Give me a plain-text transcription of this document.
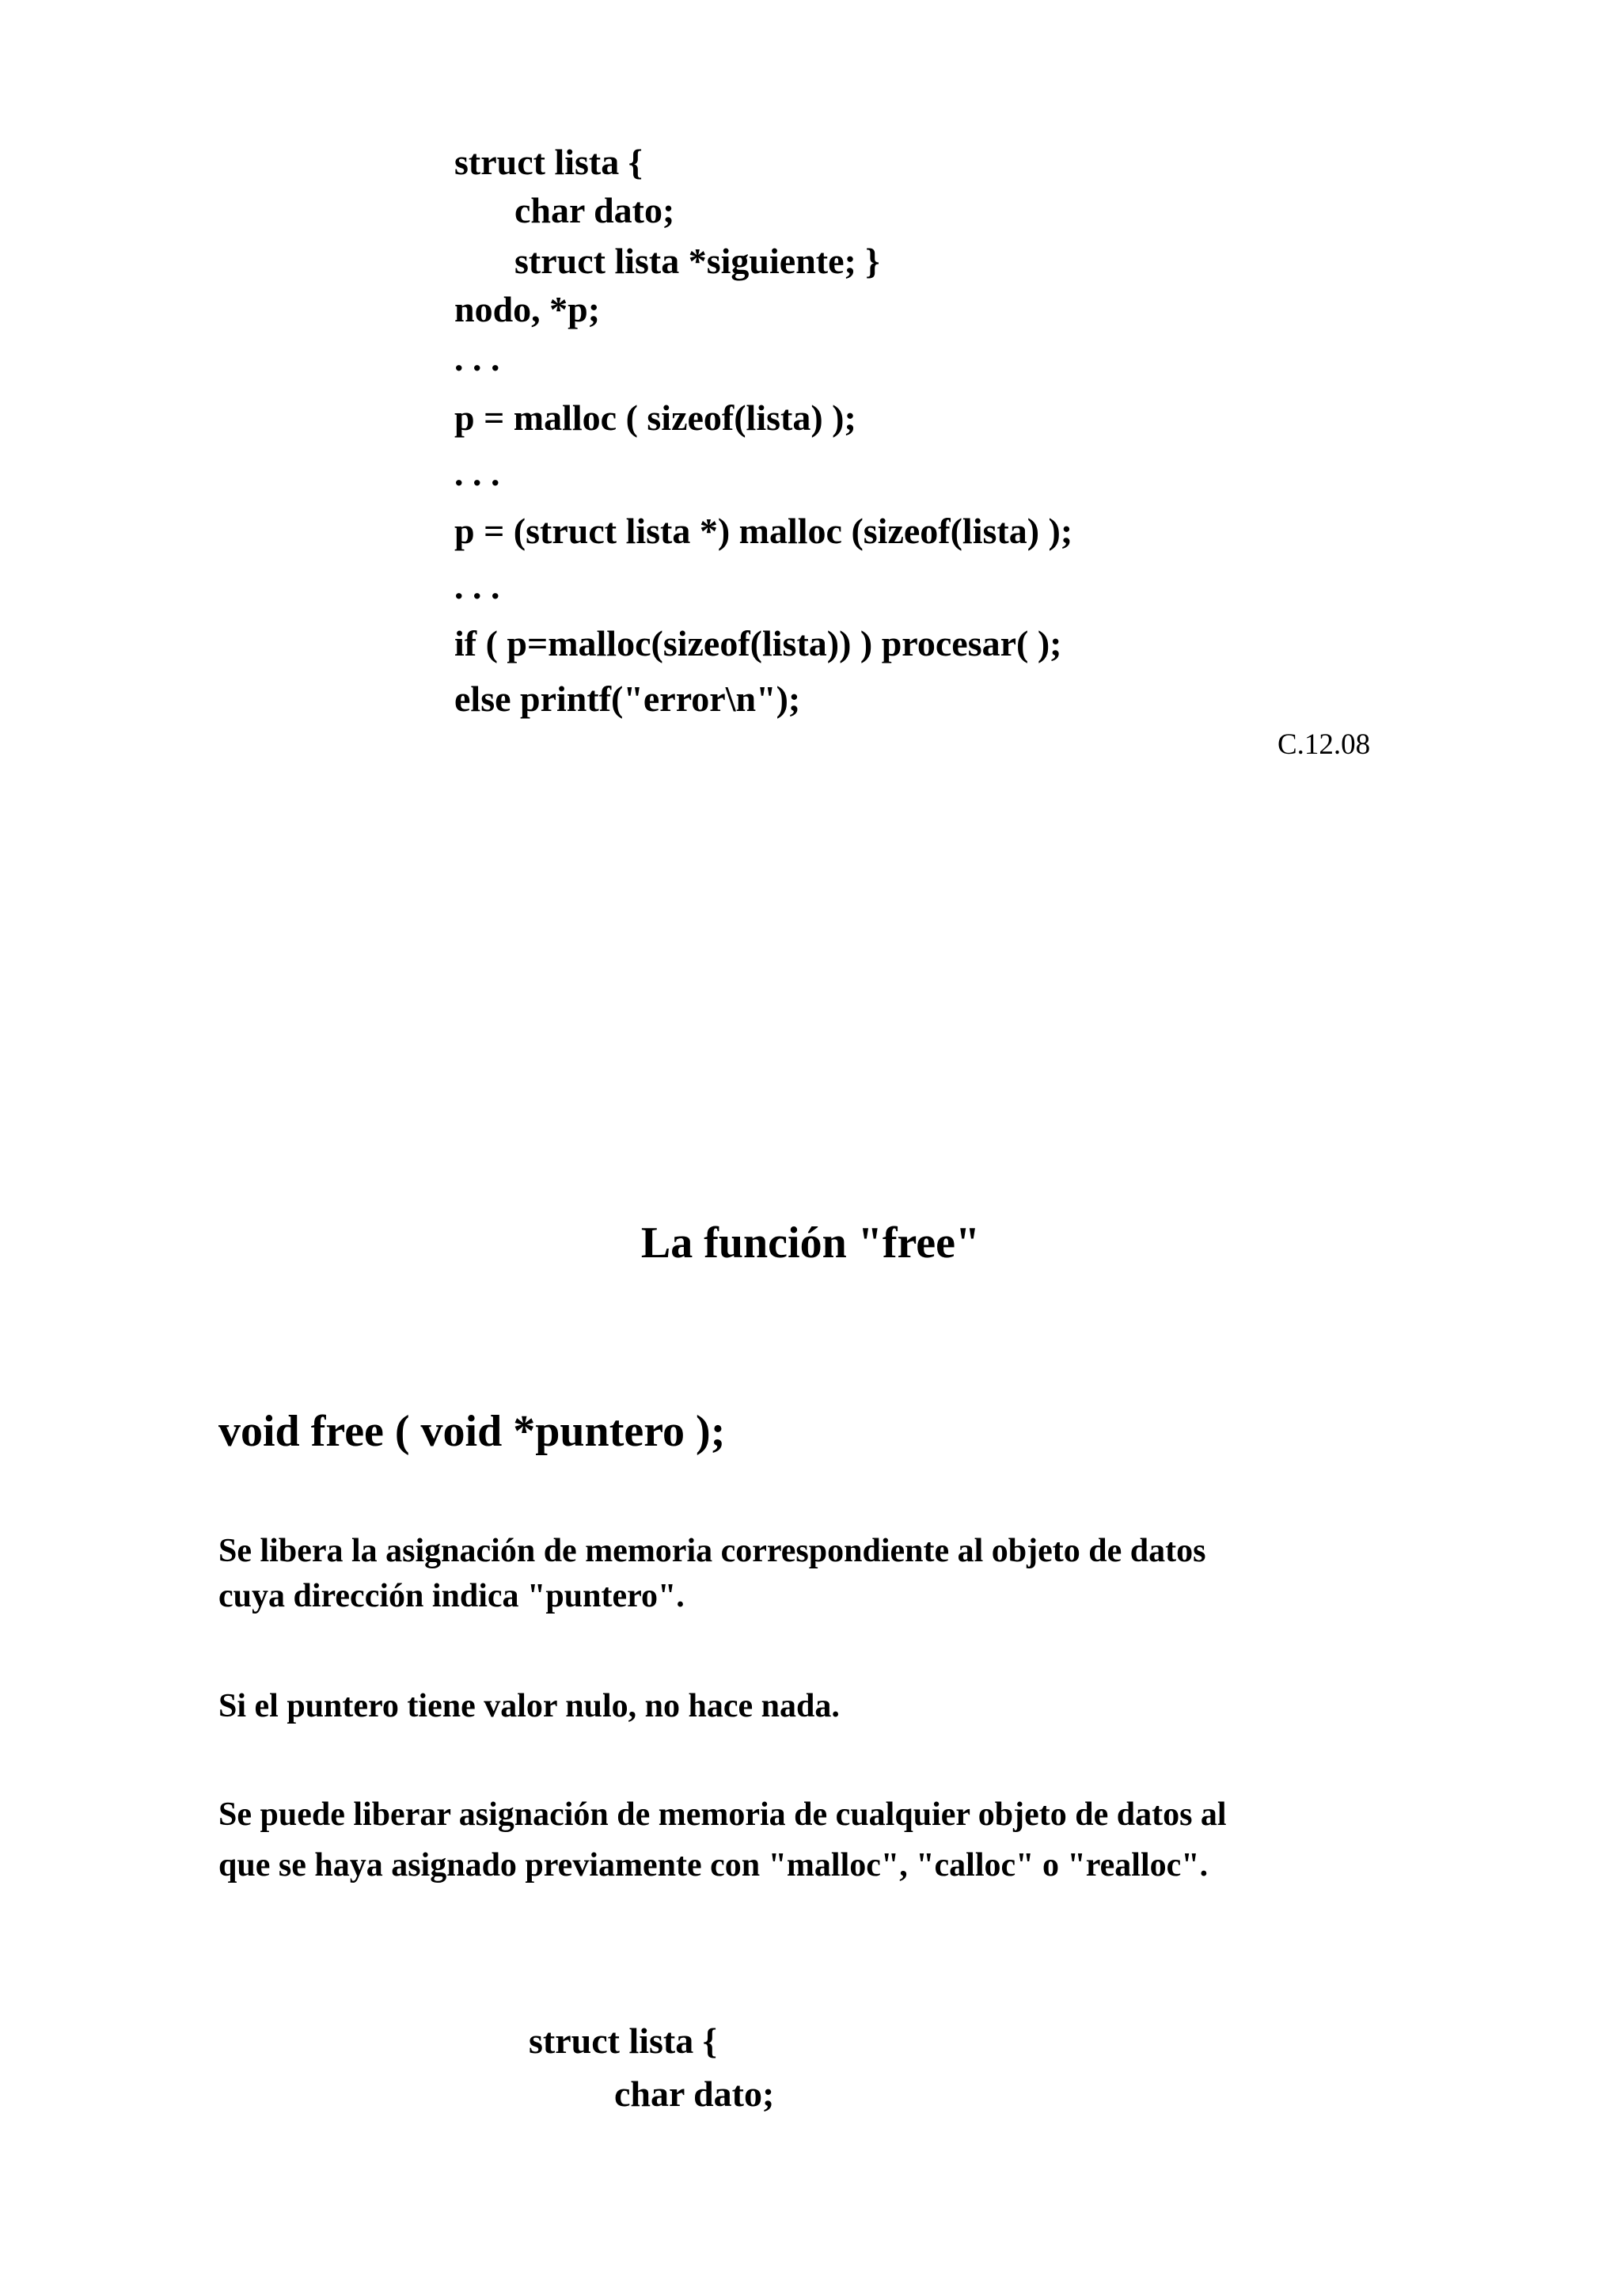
struct lista {
char dato;
struct lista *siguiente; }
nodo, *p;
. . .
p = malloc ( sizeof(lista) );
. . .
p = (struct lista *) malloc (sizeof(lista) );
. . .
if ( p=malloc(sizeof(lista)) ) procesar( );
else printf("error\n");
C.12.08
La función "free"
void free ( void *puntero );
Se libera la asignación de memoria correspondiente al objeto de datos
cuya dirección indica "puntero".
Si el puntero tiene valor nulo, no hace nada.
Se puede liberar asignación de memoria de cualquier objeto de datos al
que se haya asignado previamente con "malloc", "calloc" o "realloc".
struct lista {
char dato;
